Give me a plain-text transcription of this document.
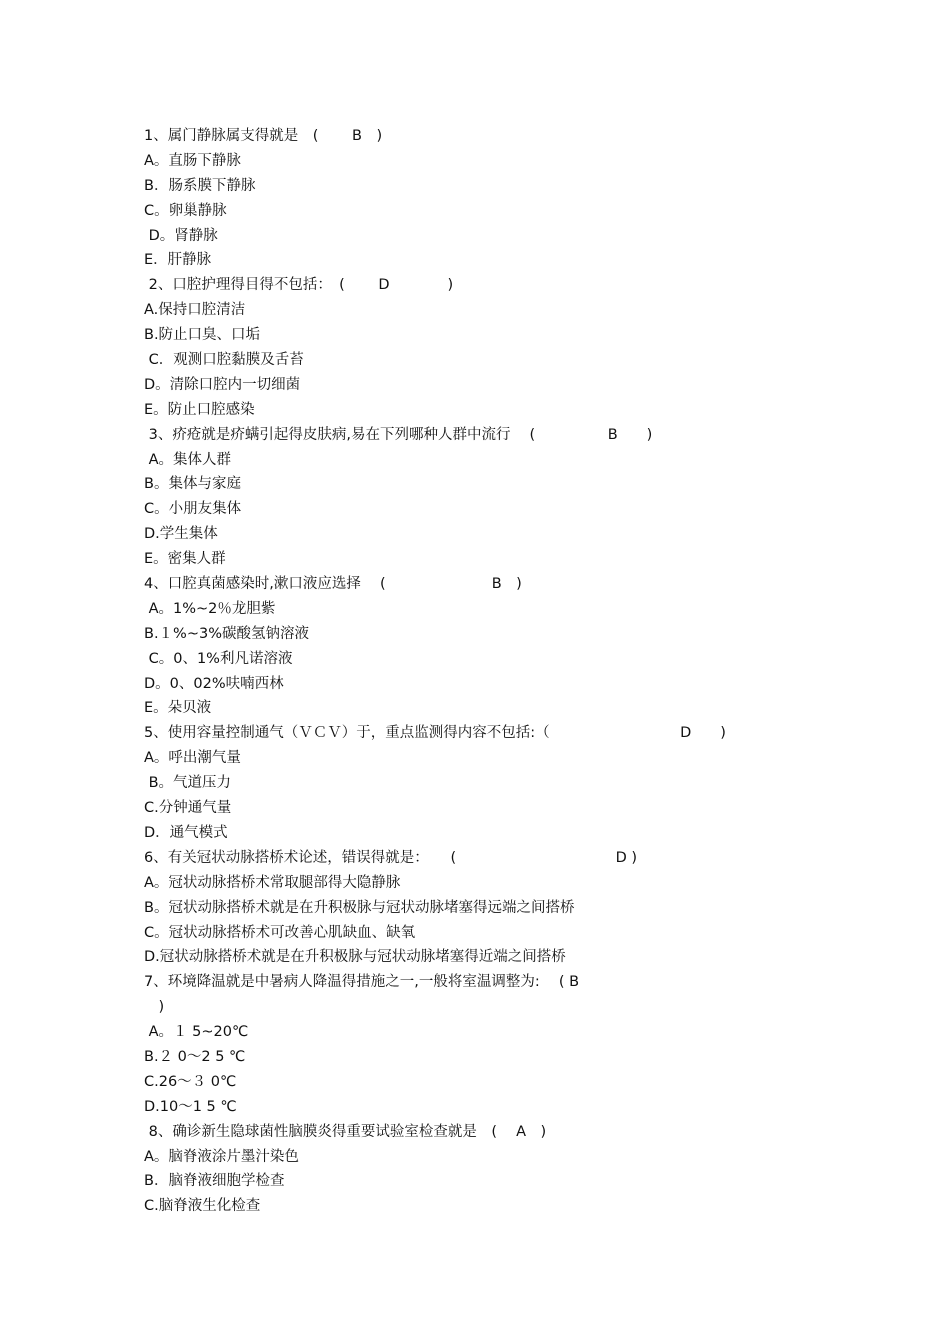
1、属门静脉属支得就是　(　　 B　)
A。直肠下静脉
B．肠系膜下静脉
C。卵巢静脉
D。肾静脉
E．肝静脉
2、口腔护理得目得不包括：　(　　 D　　　　)
A.保持口腔清洁
B.防止口臭、口垢
C．观测口腔黏膜及舌苔
D。清除口腔内一切细菌
E。防止口腔感染
3、疥疮就是疥螨引起得皮肤病,易在下列哪种人群中流行　 (　　　　　B　　)
A。集体人群
B。集体与家庭
C。小朋友集体
D.学生集体
E。密集人群
4、口腔真菌感染时,漱口液应选择　 (　　　　　　　 B　)
A。1%~2％龙胆紫
B.１%~3%碳酸氢钠溶液
C。0、1%利凡诺溶液
D。0、02%呋喃西林
E。朵贝液
5、使用容量控制通气（ＶＣＶ）于，重点监测得内容不包括:（　　　　　　　　　D　　)
A。呼出潮气量
B。气道压力
C.分钟通气量
D．通气模式
6、有关冠状动脉搭桥术论述，错误得就是：　　(　　　　　　　　　　　D )
A。冠状动脉搭桥术常取腿部得大隐静脉
B。冠状动脉搭桥术就是在升积极脉与冠状动脉堵塞得远端之间搭桥
C。冠状动脉搭桥术可改善心肌缺血、缺氧
D.冠状动脉搭桥术就是在升积极脉与冠状动脉堵塞得近端之间搭桥
7、环境降温就是中暑病人降温得措施之一,一般将室温调整为:　 ( B
　)
A。１ 5~20℃
B.２ 0～2 5 ℃
C.26～３ 0℃
D.10～1 5 ℃
8、确诊新生隐球菌性脑膜炎得重要试验室检查就是　(　 A　)
A。脑脊液涂片墨汁染色
B．脑脊液细胞学检查
C.脑脊液生化检查
